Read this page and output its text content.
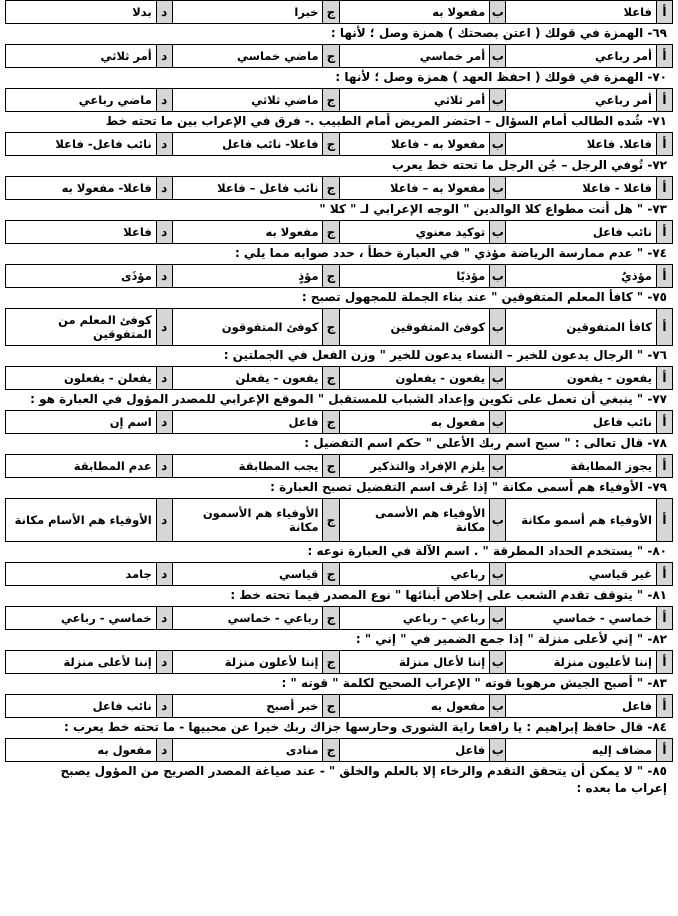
أ	فاعلا	ب	مفعولا به	ج	خبرا	د	بدلا
٦٩- الهمزة في قولك ( اعتن بصحتك ) همزة وصل ؛ لأنها :
أ	أمر رباعي	ب	أمر خماسي	ج	ماضي خماسي	د	أمر ثلاثي
٧٠- الهمزة في قولك ( احفظ العهد ) همزة وصل ؛ لأنها :
أ	أمر رباعي	ب	أمر ثلاثي	ج	ماضي ثلاثي	د	ماضي رباعي
٧١- شُده الطالب أمام السؤال – احتضر المريض أمام الطبيب .- فرق في الإعراب بين ما تحته خط
أ	فاعلا. فاعلا	ب	مفعولا به - فاعلا	ج	فاعلا- نائب فاعل	د	نائب فاعل- فاعلا
٧٢- تُوفي الرجل – جُن الرجل ما تحته خط يعرب
أ	فاعلا - فاعلا	ب	مفعولا به – فاعلا	ج	نائب فاعل – فاعلا	د	فاعلا- مفعولا به
٧٣- " هل أنت مطواع كلا الوالدين " الوجه الإعرابي لـ " كلا "
أ	نائب فاعل	ب	توكيد معنوي	ج	مفعولا به	د	فاعلا
٧٤- " عدم ممارسة الرياضة مؤذي " في العبارة خطأ ، حدد صوابه مما يلي :
أ	مؤذيٌ	ب	مؤذيًا	ج	مؤذٍ	د	مؤذَى
٧٥- " كافأ المعلم المتفوقين " عند بناء الجملة للمجهول تصبح :
أ	كافأ المتفوقين	ب	كوفئ المتفوقين	ج	كوفئ المتفوقون	د	كوفئ المعلم من المتفوقين
٧٦- " الرجال يدعون للخير – النساء يدعون للخير " وزن الفعل في الجملتين :
أ	يفعون - يفعون	ب	يفعون - يفعلون	ج	يفعون - يفعلن	د	يفعلن - يفعلون
٧٧- " ينبغي أن تعمل على تكوين وإعداد الشباب للمستقبل " الموقع الإعرابي للمصدر المؤول في العبارة هو :
أ	نائب فاعل	ب	مفعول به	ج	فاعل	د	اسم إن
٧٨- قال تعالى : " سبح اسم ربك الأعلى " حكم اسم التفضيل :
أ	يجوز المطابقة	ب	يلزم الإفراد والتذكير	ج	يجب المطابقة	د	عدم المطابقة
٧٩- الأوفياء هم أسمى مكانة " إذا عُرف اسم التفضيل تصبح العبارة :
أ	الأوفياء هم أسمو مكانة	ب	الأوفياء هم الأسمى مكانة	ج	الأوفياء هم الأسمون مكانة	د	الأوفياء هم الأسام مكانة
٨٠- " يستخدم الحداد المطرقة " . اسم الآلة في العبارة نوعه :
أ	غير قياسي	ب	رباعي	ج	قياسي	د	جامد
٨١- " يتوقف تقدم الشعب على إخلاص أبنائها " نوع المصدر فيما تحته خط :
أ	خماسي - خماسي	ب	رباعي - رباعي	ج	رباعي - خماسي	د	خماسي - رباعي
٨٢- " إني لأعلى منزلة " إذا جمع الضمير في " إني " :
أ	إننا لأعليون منزلة	ب	إننا لأعال منزلة	ج	إننا لأعلون منزلة	د	إننا لأعلى منزلة
٨٣- " أصبح الجيش مرهوبا قوته " الإعراب الصحيح لكلمة " قوته " :
أ	فاعل	ب	مفعول به	ج	خبر أصبح	د	نائب فاعل
٨٤- قال حافظ إبراهيم : يا رافعا راية الشورى وحارسها جزاك ربك خيرا عن محبيها - ما تحته خط يعرب :
أ	مضاف إليه	ب	فاعل	ج	منادى	د	مفعول به
٨٥- " لا يمكن أن يتحقق التقدم والرخاء إلا بالعلم والخلق " - عند صياغة المصدر الصريح من المؤول يصبح
إعراب ما بعده :
